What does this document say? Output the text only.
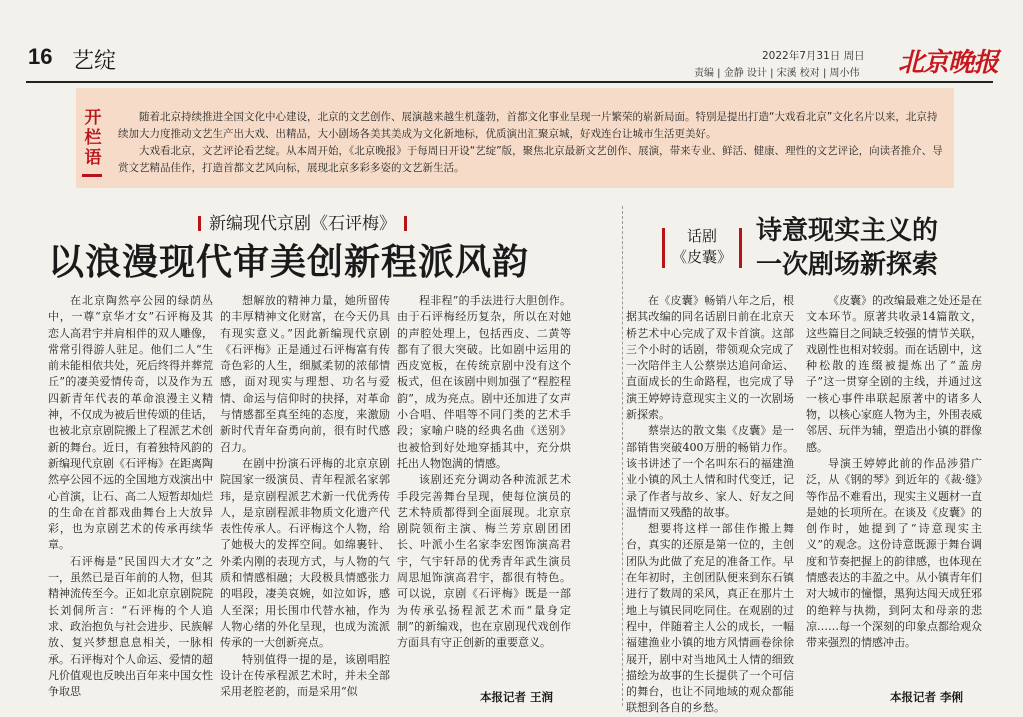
16 艺绽	2022年7月31日 周日
责编 | 金静 设计 | 宋溪 校对 | 周小伟 北京晚报
开
栏
语

随着北京持续推进全国文化中心建设，北京的文艺创作、展演越来越生机蓬勃，首都文化事业呈现一片繁荣的崭新局面。特别是提出打造“大戏看北京”文化名片以来，北京持续加大力度推动文艺生产出大戏、出精品，大小剧场各美其美成为文化新地标，优质演出汇聚京城，好戏连台让城市生活更美好。

大戏看北京，文艺评论看艺绽。从本周开始，《北京晚报》于每周日开设“艺绽”版，聚焦北京最新文艺创作、展演，带来专业、鲜活、健康、理性的文艺评论，向读者推介、导赏文艺精品佳作，打造首都文艺风向标，展现北京多彩多姿的文艺新生活。

新编现代京剧《石评梅》
以浪漫现代审美创新程派风韵

在北京陶然亭公园的绿荫丛中，一尊“京华才女”石评梅及其恋人高君宇并肩相伴的双人雕像，常常引得游人驻足。他们二人“生前未能相依共处，死后终得并葬荒丘”的凄美爱情传奇，以及作为五四新青年代表的革命浪漫主义精神，不仅成为被后世传颂的佳话，也被北京京剧院搬上了程派艺术创新的舞台。近日，有着独特风韵的新编现代京剧《石评梅》在距离陶然亭公园不远的全国地方戏演出中心首演，让石、高二人短暂却灿烂的生命在首都戏曲舞台上大放异彩，也为京剧艺术的传承再续华章。

石评梅是“民国四大才女”之一，虽然已是百年前的人物，但其精神流传至今。正如北京京剧院院长刘侗所言：“石评梅的个人追求、政治抱负与社会进步、民族解放、复兴梦想息息相关，一脉相承。石评梅对个人命运、爱情的超凡价值观也反映出百年来中国女性争取思

想解放的精神力量，她所留传的丰厚精神文化财富，在今天仍具有现实意义。”因此新编现代京剧《石评梅》正是通过石评梅富有传奇色彩的人生，细腻柔韧的浓郁情感，面对现实与理想、功名与爱情、命运与信仰时的抉择，对革命与情感都至真至纯的态度，来激励新时代青年奋勇向前，很有时代感召力。

在剧中扮演石评梅的北京京剧院国家一级演员、青年程派名家郭玮，是京剧程派艺术新一代优秀传人，是京剧程派非物质文化遗产代表性传承人。石评梅这个人物，给了她极大的发挥空间。如绵裹针、外柔内刚的表现方式，与人物的气质和情感相融；大段极具情感张力的唱段，凄美哀婉，如泣如诉，感人至深；用长围巾代替水袖，作为人物心绪的外化呈现，也成为流派传承的一大创新亮点。

特别值得一提的是，该剧唱腔设计在传承程派艺术时，并未全部采用老腔老韵，而是采用“似

程非程”的手法进行大胆创作。由于石评梅经历复杂，所以在对她的声腔处理上，包括西皮、二黄等都有了很大突破。比如剧中运用的西皮宽板，在传统京剧中没有这个板式，但在该剧中则加强了“程腔程韵”，成为亮点。剧中还加进了女声小合唱、伴唱等不同门类的艺术手段；家喻户晓的经典名曲《送别》也被恰到好处地穿插其中，充分烘托出人物饱满的情感。

该剧还充分调动各种流派艺术手段完善舞台呈现，使每位演员的艺术特质都得到全面展现。北京京剧院领衔主演、梅兰芳京剧团团长、叶派小生名家李宏图饰演高君宇，气宇轩昂的优秀青年武生演员周思旭饰演高君宇，都很有特色。可以说，京剧《石评梅》既是一部为传承弘扬程派艺术而“量身定制”的新编戏，也在京剧现代戏创作方面具有守正创新的重要意义。

本报记者 王润
话剧
《皮囊》
诗意现实主义的
一次剧场新探索

在《皮囊》畅销八年之后，根据其改编的同名话剧日前在北京天桥艺术中心完成了双卡首演。这部三个小时的话剧，带领观众完成了一次陪伴主人公蔡崇达追问命运、直面成长的生命路程，也完成了导演王婷婷诗意现实主义的一次剧场新探索。

蔡崇达的散文集《皮囊》是一部销售突破400万册的畅销力作。该书讲述了一个名叫东石的福建渔业小镇的风土人情和时代变迁，记录了作者与故乡、家人、好友之间温情而又残酷的故事。

想要将这样一部佳作搬上舞台，真实的还原是第一位的，主创团队为此做了充足的准备工作。早在年初时，主创团队便来到东石镇进行了数周的采风，真正在那片土地上与镇民同吃同住。在观剧的过程中，伴随着主人公的成长，一幅福建渔业小镇的地方风情画卷徐徐展开，剧中对当地风土人情的细致描绘为故事的生长提供了一个可信的舞台，也让不同地域的观众都能联想到各自的乡愁。

《皮囊》的改编最难之处还是在文本环节。原著共收录14篇散文，这些篇目之间缺乏较强的情节关联，戏剧性也相对较弱。而在话剧中，这种松散的连缀被提炼出了“盖房子”这一贯穿全剧的主线，并通过这一核心事件串联起原著中的诸多人物，以核心家庭人物为主，外围表威邻居、玩伴为辅，塑造出小镇的群像感。

导演王婷婷此前的作品涉猎广泛，从《钢的琴》到近年的《裁·缝》等作品不难看出，现实主义题材一直是她的长项所在。在谈及《皮囊》的创作时，她提到了“诗意现实主义”的观念。这份诗意既源于舞台调度和节奏把握上的韵律感，也体现在情感表达的丰盈之中。从小镇青年们对大城市的憧憬，黑狗达闯天成狂邪的绝粹与执拗，到阿太和母亲的悲凉……每一个深刻的印象点都给观众带来强烈的情感冲击。

本报记者 李俐
